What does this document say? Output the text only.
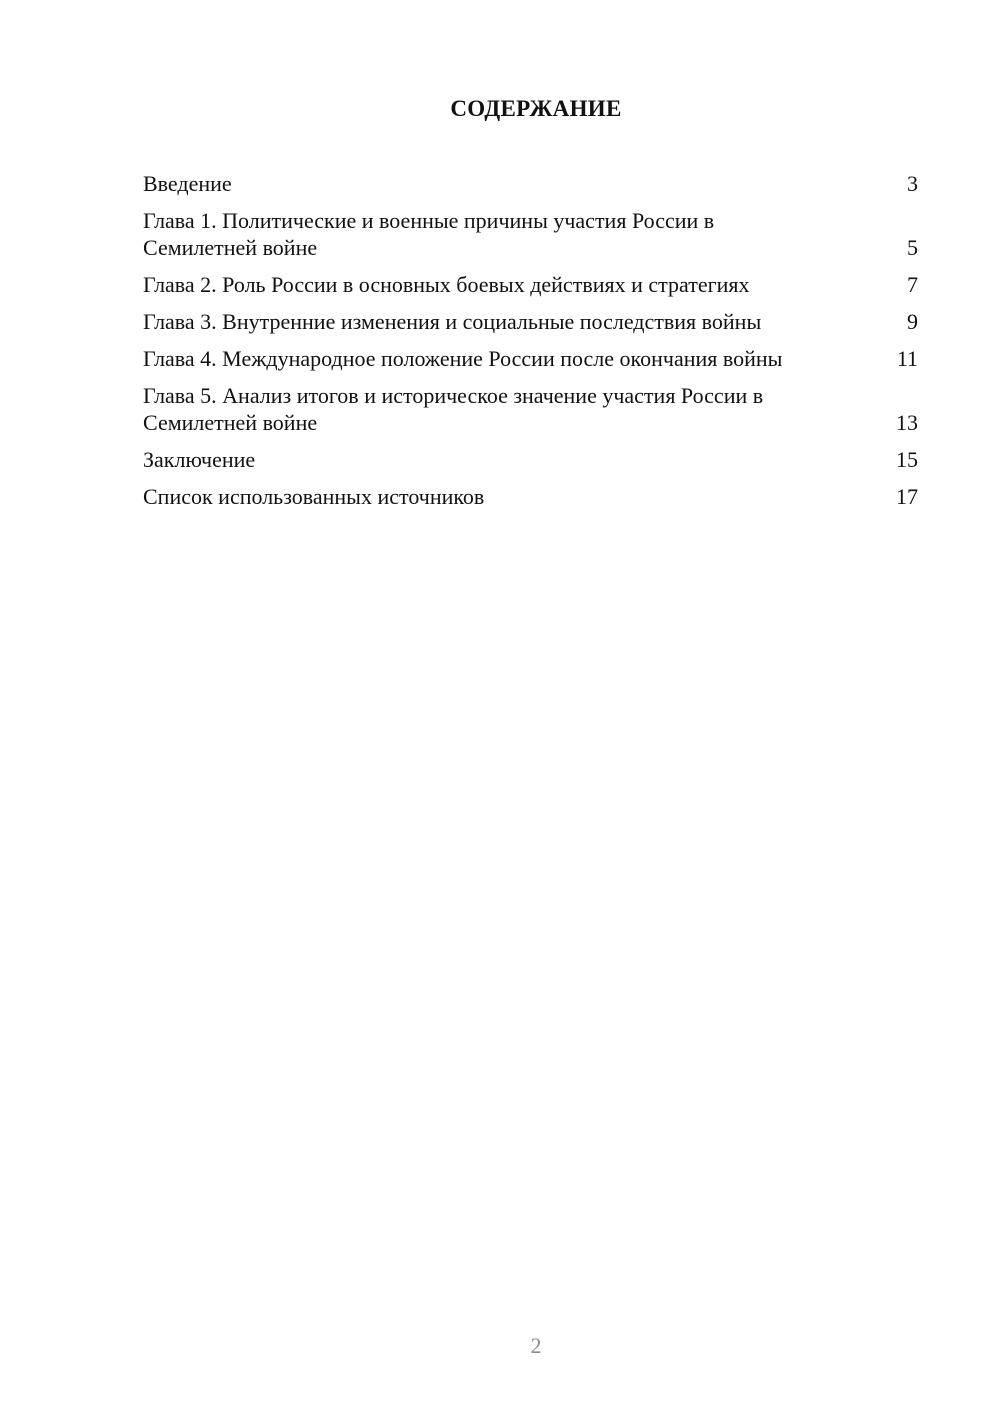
СОДЕРЖАНИЕ
Введение	3
Глава 1. Политические и военные причины участия России в Семилетней войне	5
Глава 2. Роль России в основных боевых действиях и стратегиях	7
Глава 3. Внутренние изменения и социальные последствия войны	9
Глава 4. Международное положение России после окончания войны	11
Глава 5. Анализ итогов и историческое значение участия России в Семилетней войне	13
Заключение	15
Список использованных источников	17
2
